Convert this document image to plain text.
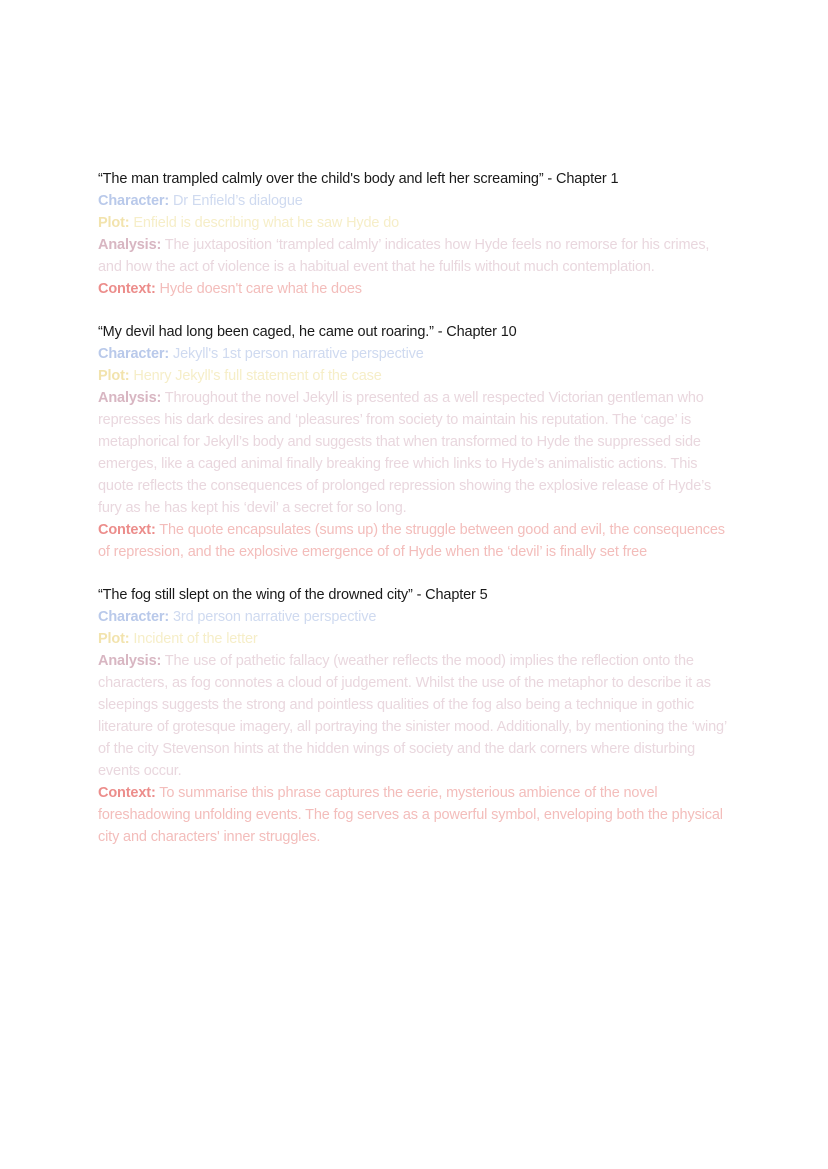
“The man trampled calmly over the child's body and left her screaming” - Chapter 1

Character: Dr Enfield’s dialogue

Plot: Enfield is describing what he saw Hyde do

Analysis: The juxtaposition ‘trampled calmly’ indicates how Hyde feels no remorse for his crimes, and how the act of violence is a habitual event that he fulfils without much contemplation.

Context: Hyde doesn't care what he does

“My devil had long been caged, he came out roaring.” - Chapter 10

Character: Jekyll's 1st person narrative perspective

Plot: Henry Jekyll's full statement of the case

Analysis: Throughout the novel Jekyll is presented as a well respected Victorian gentleman who represses his dark desires and ‘pleasures’ from society to maintain his reputation. The ‘cage’ is metaphorical for Jekyll’s body and suggests that when transformed to Hyde the suppressed side emerges, like a caged animal finally breaking free which links to Hyde’s animalistic actions. This quote reflects the consequences of prolonged repression showing the explosive release of Hyde’s fury as he has kept his ‘devil’ a secret for so long.

Context: The quote encapsulates (sums up) the struggle between good and evil, the consequences of repression, and the explosive emergence of of Hyde when the ‘devil’ is finally set free

“The fog still slept on the wing of the drowned city” - Chapter 5

Character: 3rd person narrative perspective

Plot: Incident of the letter

Analysis: The use of pathetic fallacy (weather reflects the mood) implies the reflection onto the characters, as fog connotes a cloud of judgement. Whilst the use of the metaphor to describe it as sleepings suggests the strong and pointless qualities of the fog also being a technique in gothic literature of grotesque imagery, all portraying the sinister mood. Additionally, by mentioning the ‘wing’ of the city Stevenson hints at the hidden wings of society and the dark corners where disturbing events occur.

Context: To summarise this phrase captures the eerie, mysterious ambience of the novel foreshadowing unfolding events. The fog serves as a powerful symbol, enveloping both the physical city and characters' inner struggles.
